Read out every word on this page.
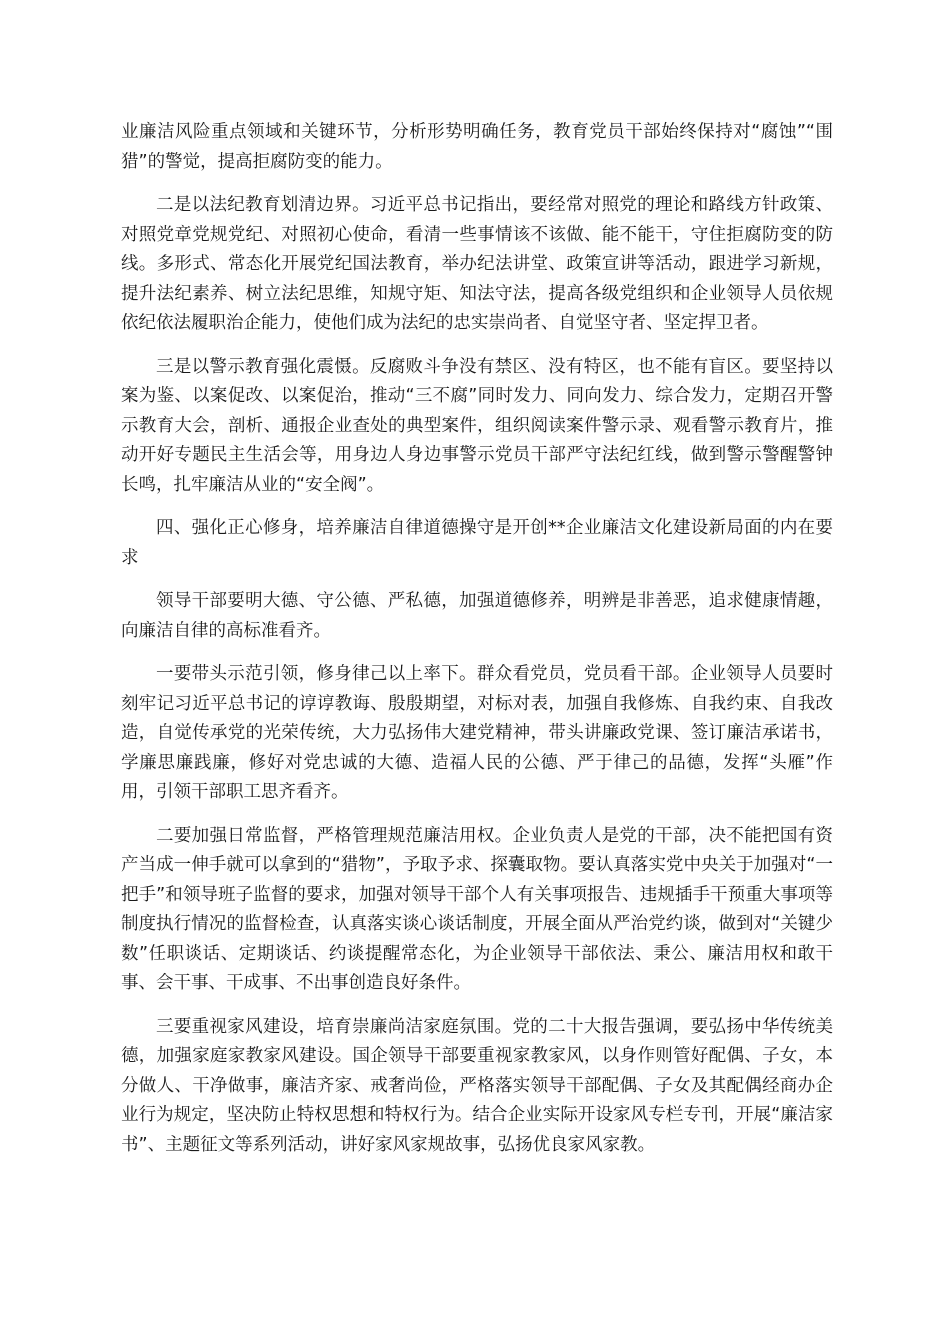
业廉洁风险重点领域和关键环节，分析形势明确任务，教育党员干部始终保持对“腐蚀”“围猎”的警觉，提高拒腐防变的能力。

二是以法纪教育划清边界。习近平总书记指出，要经常对照党的理论和路线方针政策、对照党章党规党纪、对照初心使命，看清一些事情该不该做、能不能干，守住拒腐防变的防线。多形式、常态化开展党纪国法教育，举办纪法讲堂、政策宣讲等活动，跟进学习新规，提升法纪素养、树立法纪思维，知规守矩、知法守法，提高各级党组织和企业领导人员依规依纪依法履职治企能力，使他们成为法纪的忠实崇尚者、自觉坚守者、坚定捍卫者。

三是以警示教育强化震慑。反腐败斗争没有禁区、没有特区，也不能有盲区。要坚持以案为鉴、以案促改、以案促治，推动“三不腐”同时发力、同向发力、综合发力，定期召开警示教育大会，剖析、通报企业查处的典型案件，组织阅读案件警示录、观看警示教育片，推动开好专题民主生活会等，用身边人身边事警示党员干部严守法纪红线，做到警示警醒警钟长鸣，扎牢廉洁从业的“安全阀”。

四、强化正心修身，培养廉洁自律道德操守是开创**企业廉洁文化建设新局面的内在要求

领导干部要明大德、守公德、严私德，加强道德修养，明辨是非善恶，追求健康情趣，向廉洁自律的高标准看齐。

一要带头示范引领，修身律己以上率下。群众看党员，党员看干部。企业领导人员要时刻牢记习近平总书记的谆谆教诲、殷殷期望，对标对表，加强自我修炼、自我约束、自我改造，自觉传承党的光荣传统，大力弘扬伟大建党精神，带头讲廉政党课、签订廉洁承诺书，学廉思廉践廉，修好对党忠诚的大德、造福人民的公德、严于律己的品德，发挥“头雁”作用，引领干部职工思齐看齐。

二要加强日常监督，严格管理规范廉洁用权。企业负责人是党的干部，决不能把国有资产当成一伸手就可以拿到的“猎物”，予取予求、探囊取物。要认真落实党中央关于加强对“一把手”和领导班子监督的要求，加强对领导干部个人有关事项报告、违规插手干预重大事项等制度执行情况的监督检查，认真落实谈心谈话制度，开展全面从严治党约谈，做到对“关键少数”任职谈话、定期谈话、约谈提醒常态化，为企业领导干部依法、秉公、廉洁用权和敢干事、会干事、干成事、不出事创造良好条件。

三要重视家风建设，培育崇廉尚洁家庭氛围。党的二十大报告强调，要弘扬中华传统美德，加强家庭家教家风建设。国企领导干部要重视家教家风，以身作则管好配偶、子女，本分做人、干净做事，廉洁齐家、戒奢尚俭，严格落实领导干部配偶、子女及其配偶经商办企业行为规定，坚决防止特权思想和特权行为。结合企业实际开设家风专栏专刊，开展“廉洁家书”、主题征文等系列活动，讲好家风家规故事，弘扬优良家风家教。
